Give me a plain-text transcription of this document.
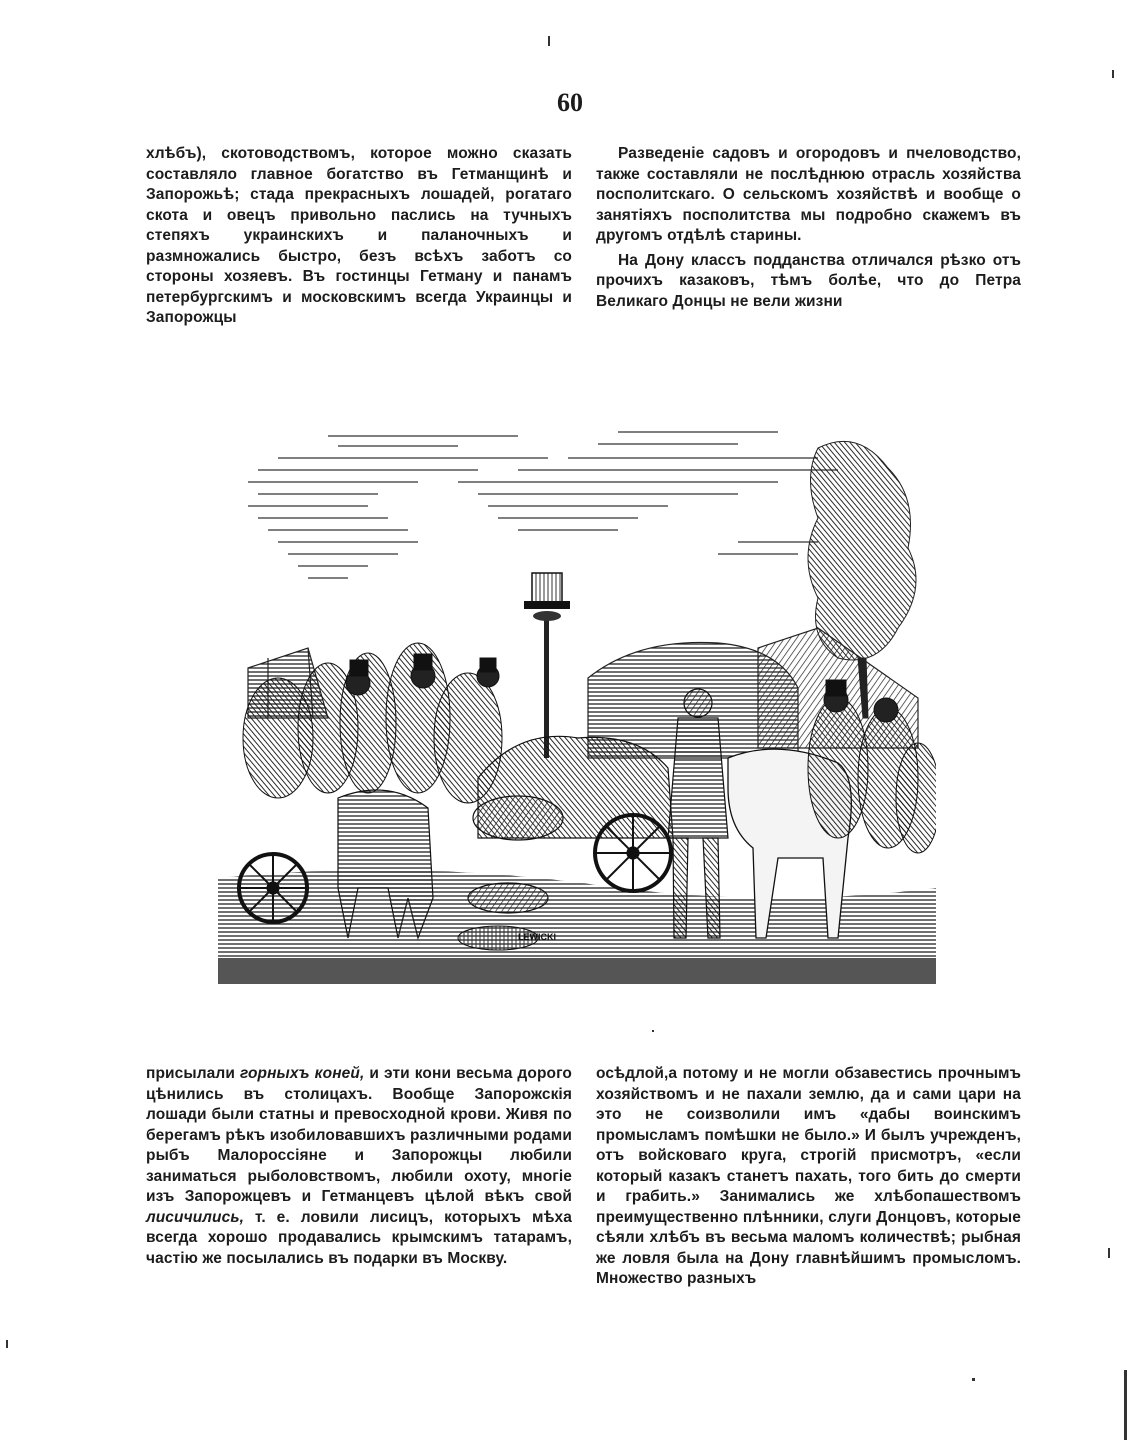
60

хлѣбъ), скотоводствомъ, которое можно сказать составляло главное богатство въ Гетманщинѣ и Запорожьѣ; стада прекрасныхъ лошадей, рогатаго скота и овецъ привольно паслись на тучныхъ степяхъ украинскихъ и паланочныхъ и размножались быстро, безъ всѣхъ заботъ со стороны хозяевъ. Въ гостинцы Гетману и панамъ петербургскимъ и московскимъ всегда Украинцы и Запорожцы

Разведеніе садовъ и огородовъ и пчеловодство, также составляли не послѣднюю отрасль хозяйства посполитскаго. О сельскомъ хозяйствѣ и вообще о занятіяхъ посполитства мы подробно скажемъ въ другомъ отдѣлѣ старины.

На Дону классъ подданства отличался рѣзко отъ прочихъ казаковъ, тѣмъ болѣе, что до Петра Великаго Донцы не вели жизни

LEWICKI

присылали горныхъ коней, и эти кони весьма дорого цѣнились въ столицахъ. Вообще Запорожскія лошади были статны и превосходной крови. Живя по берегамъ рѣкъ изобиловавшихъ различными родами рыбъ Малороссіяне и Запорожцы любили заниматься рыболовствомъ, любили охоту, многіе изъ Запорожцевъ и Гетманцевъ цѣлой вѣкъ свой лисичились, т. е. ловили лисицъ, которыхъ мѣха всегда хорошо продавались крымскимъ татарамъ, частію же посылались въ подарки въ Москву.

осѣдлой,а потому и не могли обзавестись прочнымъ хозяйствомъ и не пахали землю, да и сами цари на это не соизволили имъ «дабы воинскимъ промысламъ помѣшки не было.» И былъ учрежденъ, отъ войсковаго круга, строгій присмотръ, «если который казакъ станетъ пахать, того бить до смерти и грабить.» Занимались же хлѣбопашествомъ преимущественно плѣнники, слуги Донцовъ, которые сѣяли хлѣбъ въ весьма маломъ количествѣ; рыбная же ловля была на Дону главнѣйшимъ промысломъ. Множество разныхъ
